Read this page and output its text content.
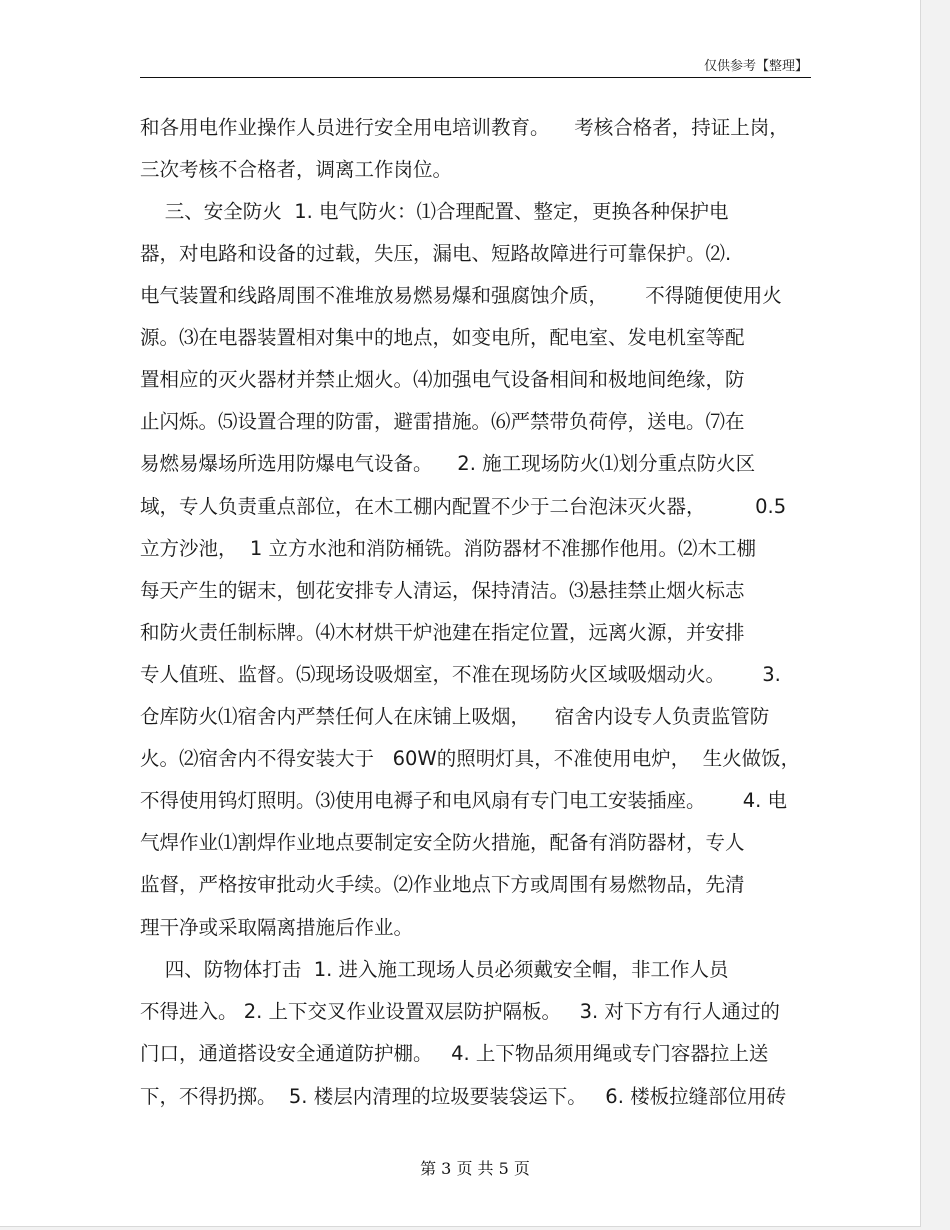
仅供参考【整理】
和各用电作业操作人员进行安全用电培训教育。    考核合格者，持证上岗，
三次考核不合格者，调离工作岗位。
三、安全防火  1. 电气防火：⑴合理配置、整定，更换各种保护电
器，对电路和设备的过载，失压，漏电、短路故障进行可靠保护。⑵.
电气装置和线路周围不准堆放易燃易爆和强腐蚀介质，      不得随便使用火
源。⑶在电器装置相对集中的地点，如变电所，配电室、发电机室等配
置相应的灭火器材并禁止烟火。⑷加强电气设备相间和极地间绝缘，防
止闪烁。⑸设置合理的防雷，避雷措施。⑹严禁带负荷停，送电。⑺在
易燃易爆场所选用防爆电气设备。    2. 施工现场防火⑴划分重点防火区
域，专人负责重点部位，在木工棚内配置不少于二台泡沫灭火器，        0.5
立方沙池，  1 立方水池和消防桶铣。消防器材不准挪作他用。⑵木工棚
每天产生的锯末，刨花安排专人清运，保持清洁。⑶悬挂禁止烟火标志
和防火责任制标牌。⑷木材烘干炉池建在指定位置，远离火源，并安排
专人值班、监督。⑸现场设吸烟室，不准在现场防火区域吸烟动火。      3.
仓库防火⑴宿舍内严禁任何人在床铺上吸烟，    宿舍内设专人负责监管防
火。⑵宿舍内不得安装大于   60W的照明灯具，不准使用电炉，  生火做饭，
不得使用钨灯照明。⑶使用电褥子和电风扇有专门电工安装插座。      4. 电
气焊作业⑴割焊作业地点要制定安全防火措施，配备有消防器材，专人
监督，严格按审批动火手续。⑵作业地点下方或周围有易燃物品，先清
理干净或采取隔离措施后作业。
四、防物体打击  1. 进入施工现场人员必须戴安全帽，非工作人员
不得进入。 2. 上下交叉作业设置双层防护隔板。   3. 对下方有行人通过的
门口，通道搭设安全通道防护棚。   4. 上下物品须用绳或专门容器拉上送
下，不得扔掷。  5. 楼层内清理的垃圾要装袋运下。   6. 楼板拉缝部位用砖
第 3 页 共 5 页
